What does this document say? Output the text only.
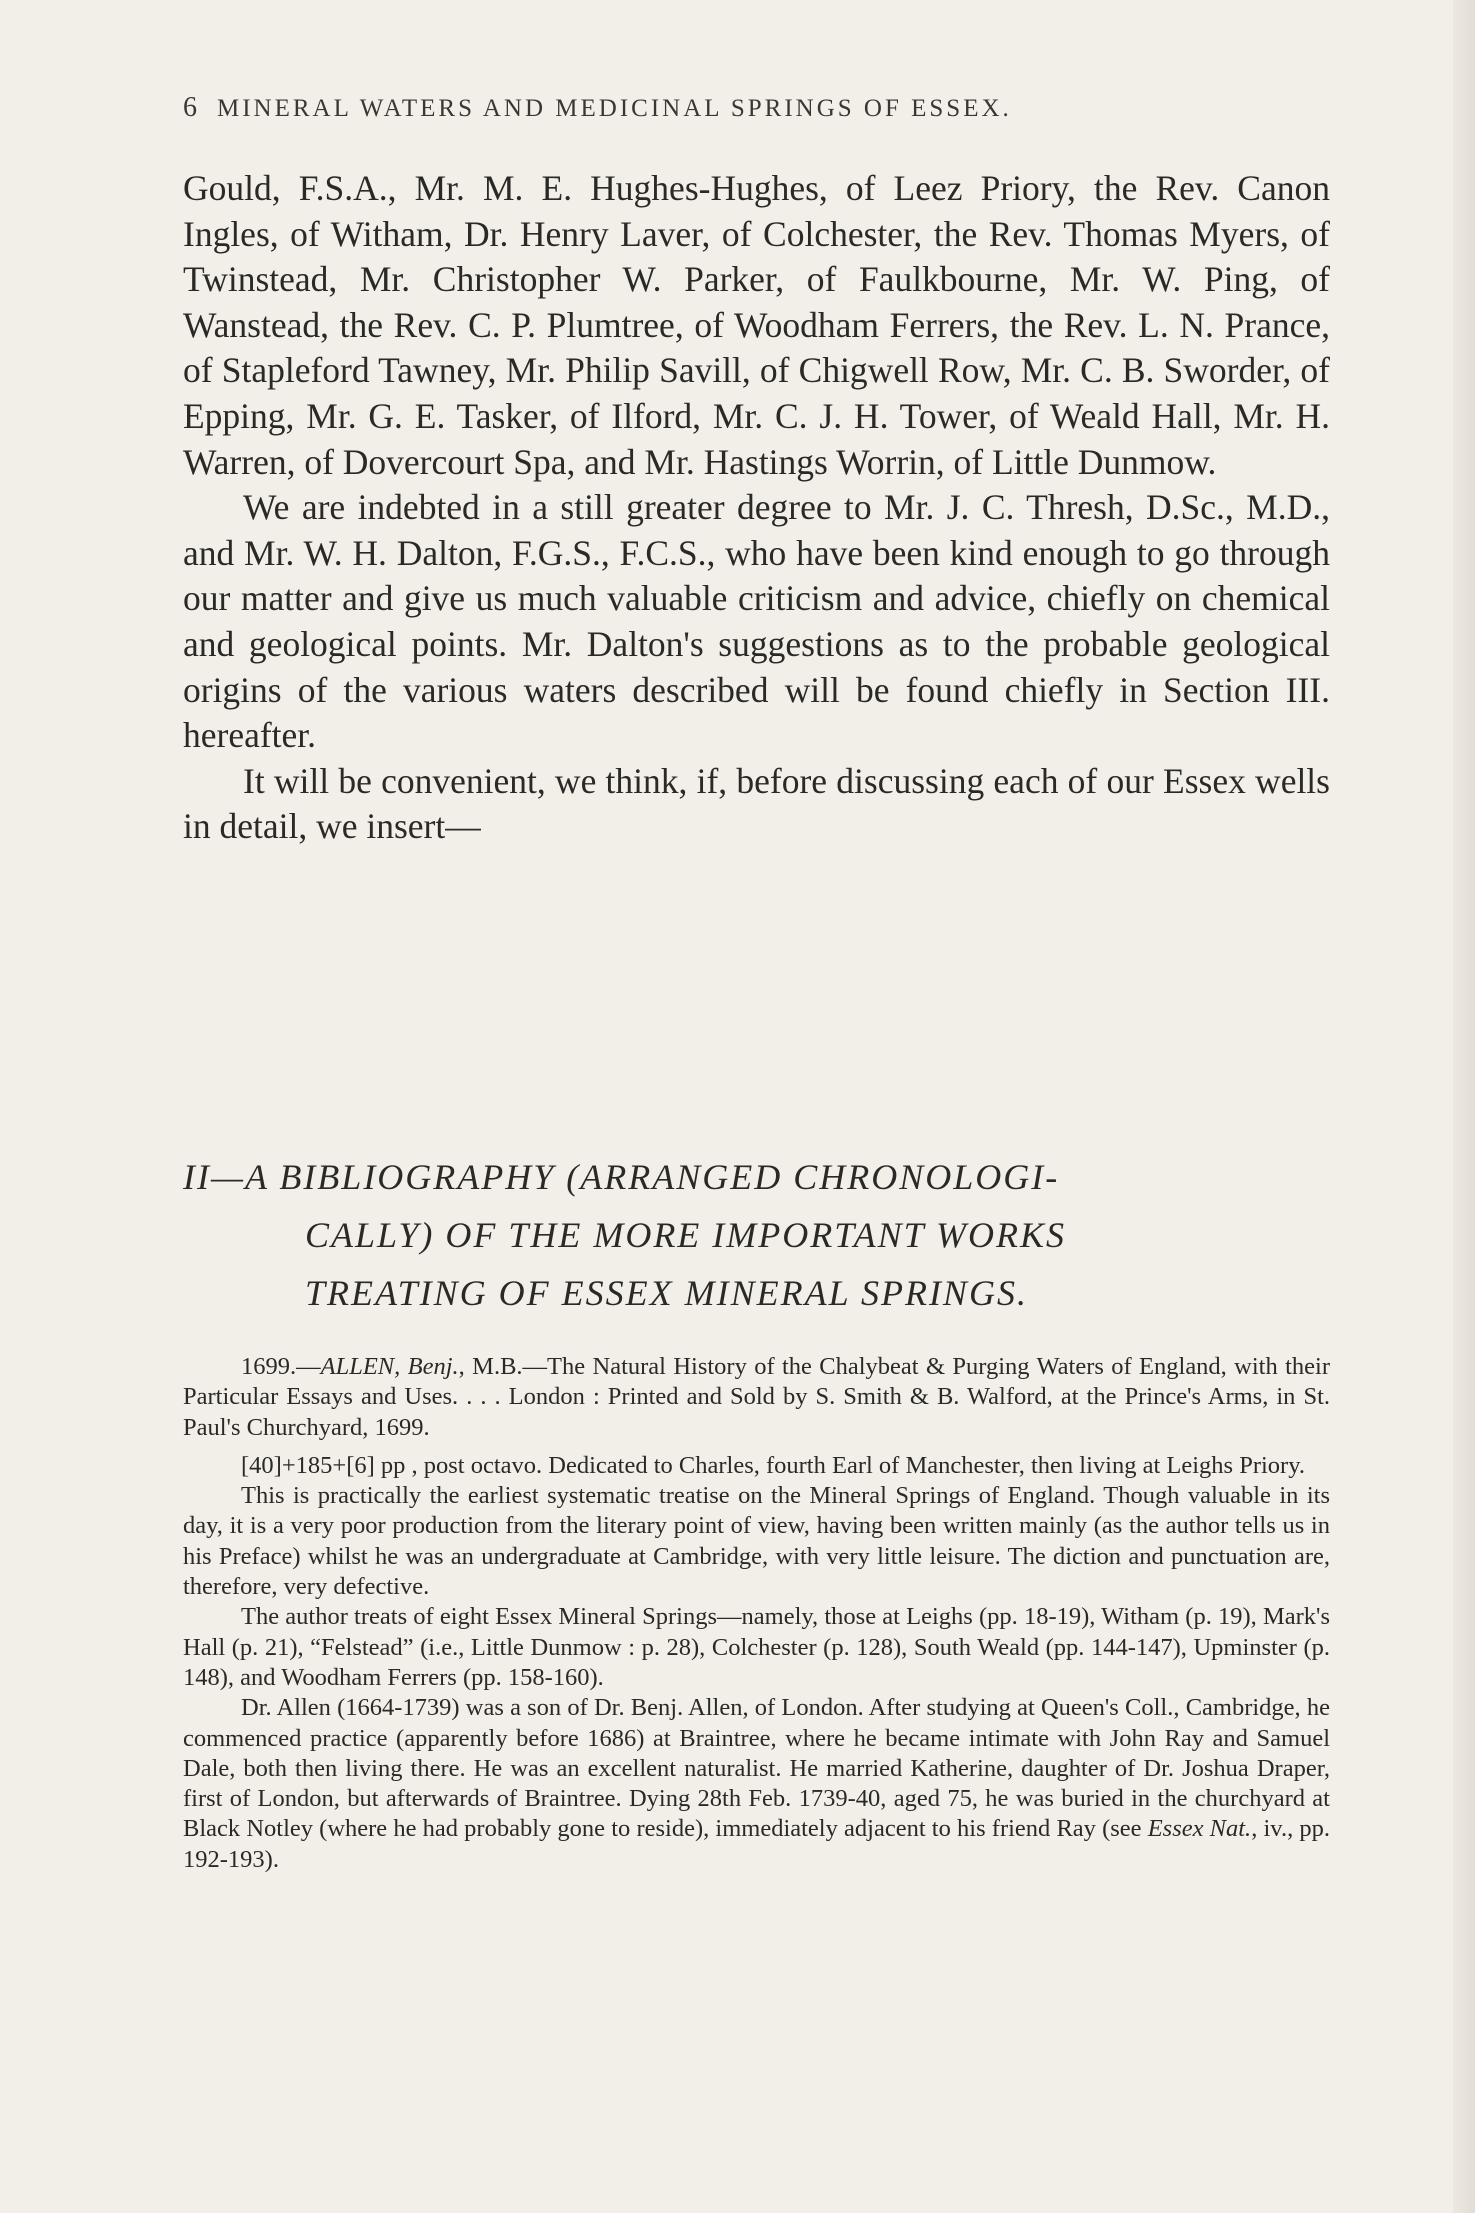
6 MINERAL WATERS AND MEDICINAL SPRINGS OF ESSEX.

Gould, F.S.A., Mr. M. E. Hughes-Hughes, of Leez Priory, the Rev. Canon Ingles, of Witham, Dr. Henry Laver, of Colchester, the Rev. Thomas Myers, of Twinstead, Mr. Christopher W. Parker, of Faulkbourne, Mr. W. Ping, of Wanstead, the Rev. C. P. Plumtree, of Woodham Ferrers, the Rev. L. N. Prance, of Stapleford Tawney, Mr. Philip Savill, of Chigwell Row, Mr. C. B. Sworder, of Epping, Mr. G. E. Tasker, of Ilford, Mr. C. J. H. Tower, of Weald Hall, Mr. H. Warren, of Dovercourt Spa, and Mr. Hastings Worrin, of Little Dunmow.

We are indebted in a still greater degree to Mr. J. C. Thresh, D.Sc., M.D., and Mr. W. H. Dalton, F.G.S., F.C.S., who have been kind enough to go through our matter and give us much valuable criticism and advice, chiefly on chemical and geological points. Mr. Dalton's suggestions as to the probable geological origins of the various waters described will be found chiefly in Section III. hereafter.

It will be convenient, we think, if, before discussing each of our Essex wells in detail, we insert—

II—A BIBLIOGRAPHY (ARRANGED CHRONOLOGI-
CALLY) OF THE MORE IMPORTANT WORKS
TREATING OF ESSEX MINERAL SPRINGS.

1699.—ALLEN, Benj., M.B.—The Natural History of the Chalybeat & Purging Waters of England, with their Particular Essays and Uses. . . . London : Printed and Sold by S. Smith & B. Walford, at the Prince's Arms, in St. Paul's Churchyard, 1699.

[40]+185+[6] pp , post octavo. Dedicated to Charles, fourth Earl of Manchester, then living at Leighs Priory.

This is practically the earliest systematic treatise on the Mineral Springs of England. Though valuable in its day, it is a very poor production from the literary point of view, having been written mainly (as the author tells us in his Preface) whilst he was an undergraduate at Cambridge, with very little leisure. The diction and punctuation are, therefore, very defective.

The author treats of eight Essex Mineral Springs—namely, those at Leighs (pp. 18-19), Witham (p. 19), Mark's Hall (p. 21), “Felstead” (i.e., Little Dunmow : p. 28), Colchester (p. 128), South Weald (pp. 144-147), Upminster (p. 148), and Woodham Ferrers (pp. 158-160).

Dr. Allen (1664-1739) was a son of Dr. Benj. Allen, of London. After studying at Queen's Coll., Cambridge, he commenced practice (apparently before 1686) at Braintree, where he became intimate with John Ray and Samuel Dale, both then living there. He was an excellent naturalist. He married Katherine, daughter of Dr. Joshua Draper, first of London, but afterwards of Braintree. Dying 28th Feb. 1739-40, aged 75, he was buried in the churchyard at Black Notley (where he had probably gone to reside), immediately adjacent to his friend Ray (see Essex Nat., iv., pp. 192-193).
